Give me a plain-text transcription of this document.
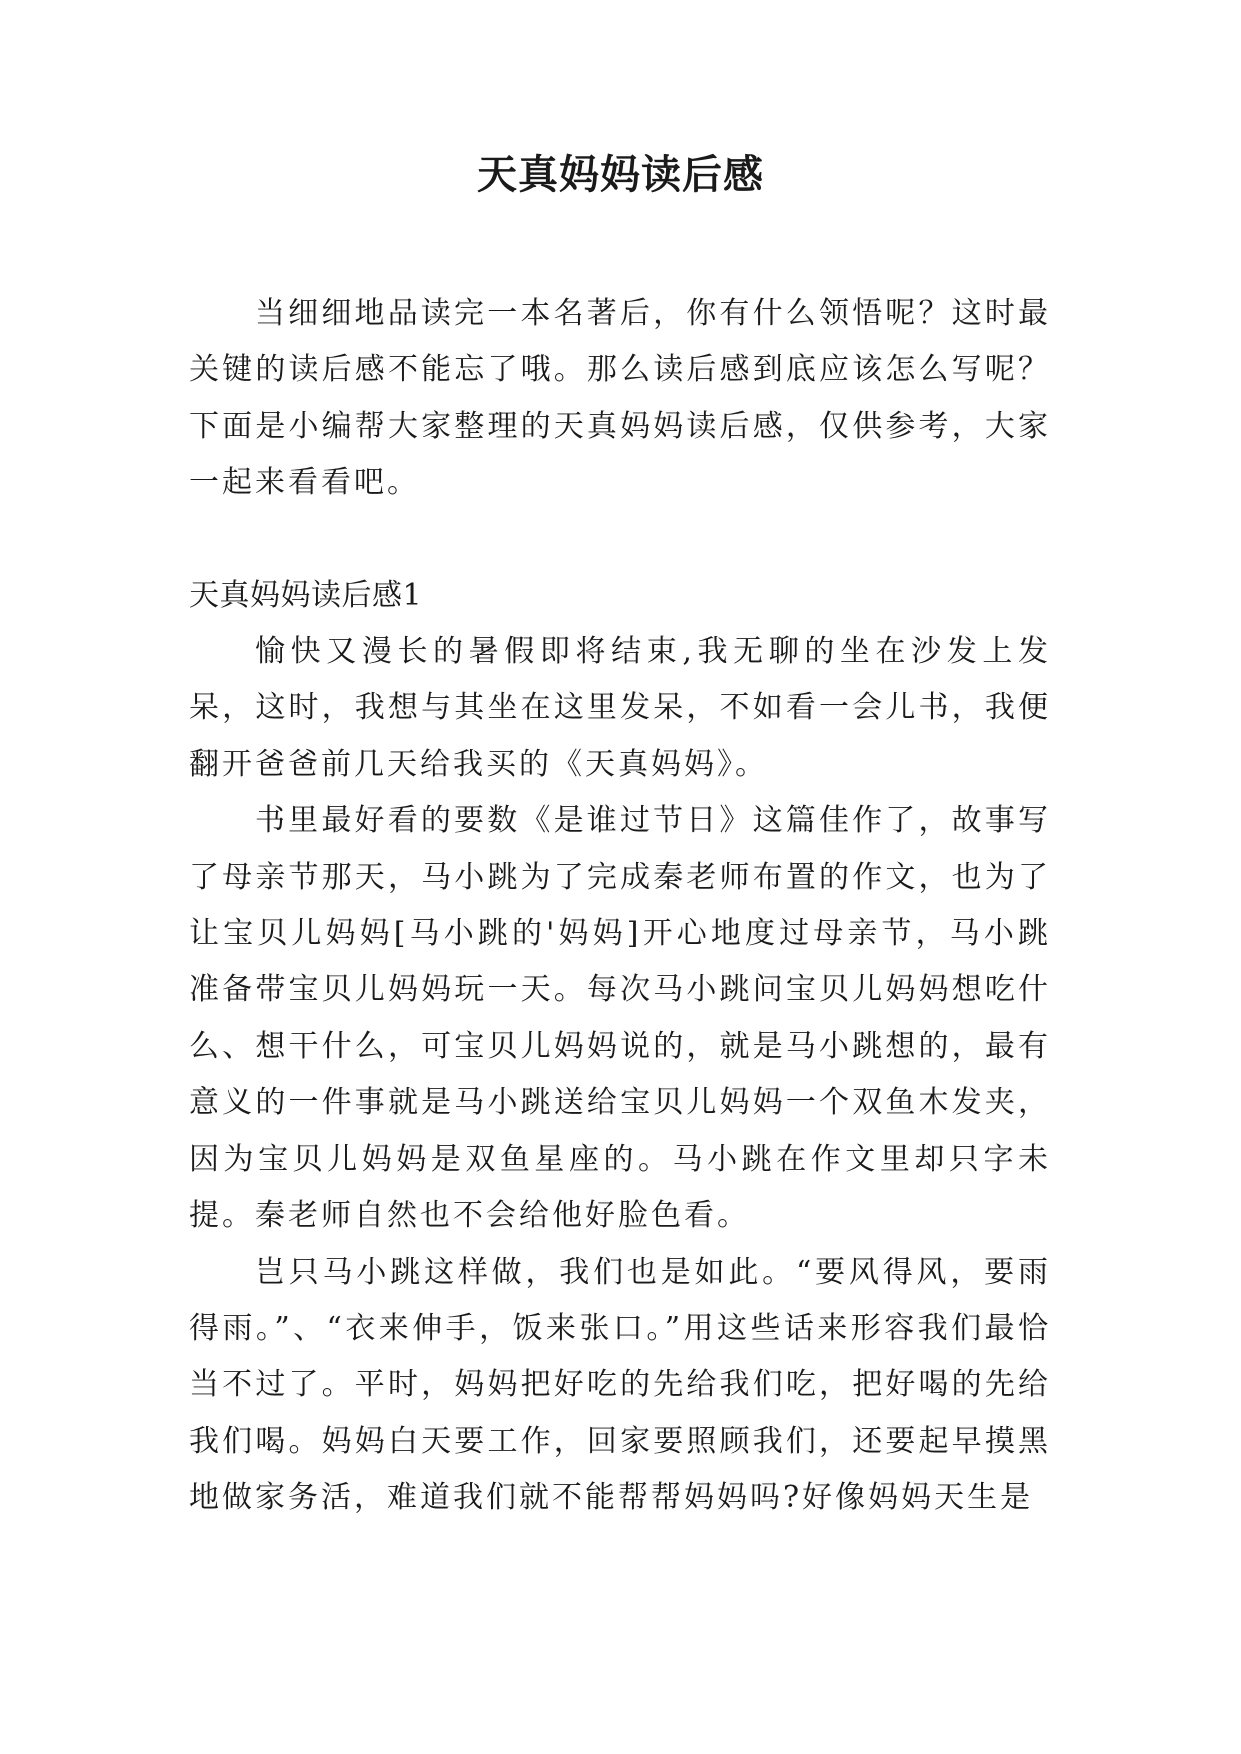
天真妈妈读后感

当细细地品读完一本名著后，你有什么领悟呢？这时最关键的读后感不能忘了哦。那么读后感到底应该怎么写呢？下面是小编帮大家整理的天真妈妈读后感，仅供参考，大家一起来看看吧。

天真妈妈读后感1

愉快又漫长的暑假即将结束,我无聊的坐在沙发上发呆，这时，我想与其坐在这里发呆，不如看一会儿书，我便翻开爸爸前几天给我买的《天真妈妈》。

书里最好看的要数《是谁过节日》这篇佳作了，故事写了母亲节那天，马小跳为了完成秦老师布置的作文，也为了让宝贝儿妈妈[马小跳的'妈妈]开心地度过母亲节，马小跳准备带宝贝儿妈妈玩一天。每次马小跳问宝贝儿妈妈想吃什么、想干什么，可宝贝儿妈妈说的，就是马小跳想的，最有意义的一件事就是马小跳送给宝贝儿妈妈一个双鱼木发夹，因为宝贝儿妈妈是双鱼星座的。马小跳在作文里却只字未提。秦老师自然也不会给他好脸色看。

岂只马小跳这样做，我们也是如此。“要风得风，要雨得雨。”、“衣来伸手，饭来张口。”用这些话来形容我们最恰当不过了。平时，妈妈把好吃的先给我们吃，把好喝的先给我们喝。妈妈白天要工作，回家要照顾我们，还要起早摸黑地做家务活，难道我们就不能帮帮妈妈吗?好像妈妈天生是
